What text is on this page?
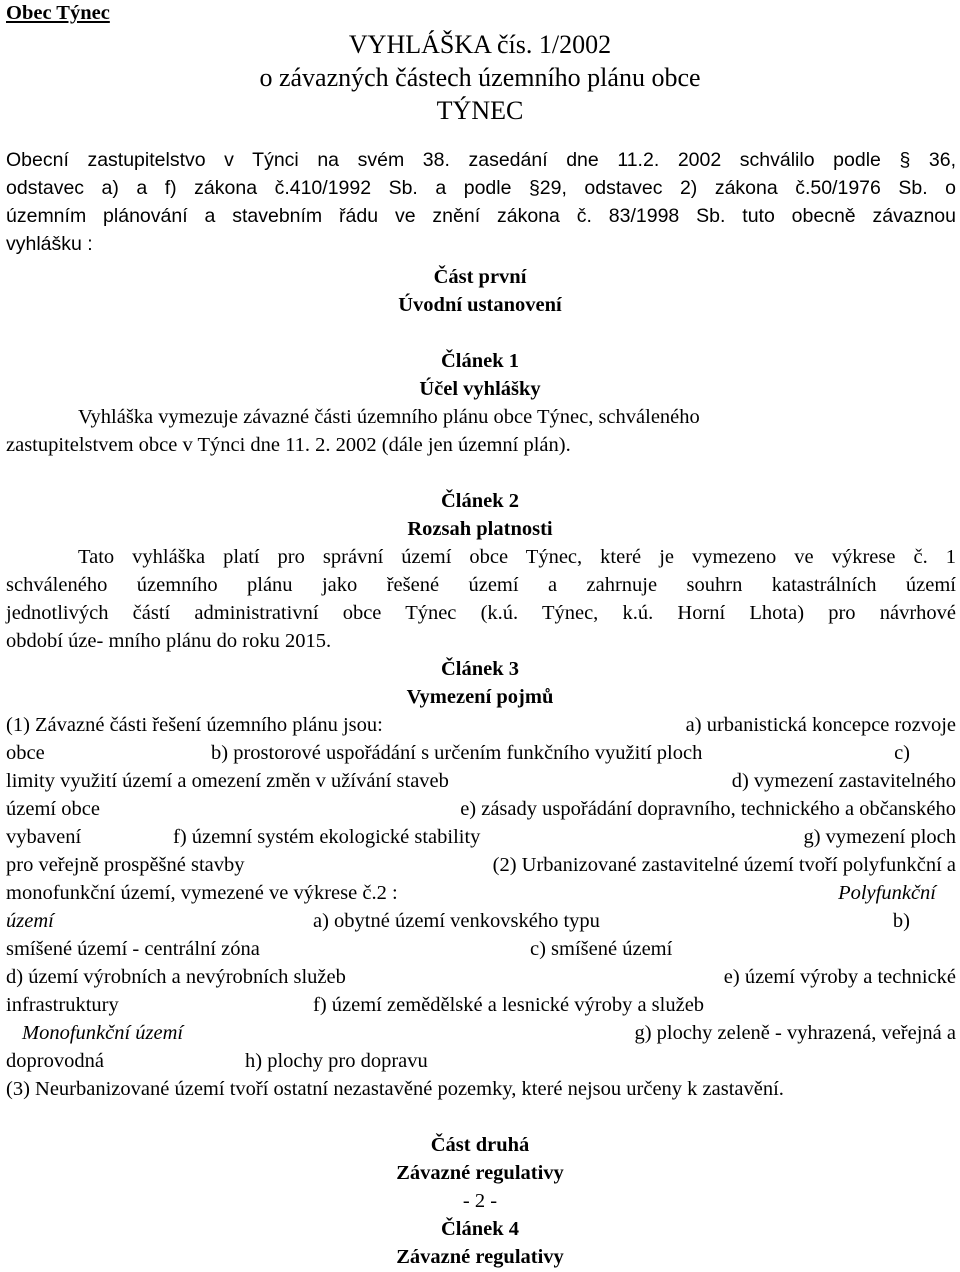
Obec Týnec
VYHLÁŠKA čís. 1/2002
o závazných částech územního plánu obce
TÝNEC
Obecní zastupitelstvo v Týnci na svém 38. zasedání dne 11.2. 2002 schválilo podle § 36,
odstavec a) a f) zákona č.410/1992 Sb. a podle §29, odstavec 2) zákona č.50/1976 Sb. o
územním plánování a stavebním řádu ve znění zákona č. 83/1998 Sb. tuto obecně závaznou
vyhlášku :
Část první
Úvodní ustanovení
Článek 1
Účel vyhlášky
Vyhláška vymezuje závazné části územního plánu obce Týnec, schváleného
zastupitelstvem obce v Týnci dne 11. 2. 2002 (dále jen územní plán).
Článek 2
Rozsah platnosti
Tato vyhláška platí pro správní území obce Týnec, které je vymezeno ve výkrese č. 1
schváleného územního plánu jako řešené území a zahrnuje souhrn katastrálních území
jednotlivých částí administrativní obce Týnec (k.ú. Týnec, k.ú. Horní Lhota) pro návrhové
období úze- mního plánu do roku 2015.
Článek 3
Vymezení pojmů
(1) Závazné části řešení územního plánu jsou:	a) urbanistická koncepce rozvoje
obce	b) prostorové uspořádání s určením funkčního využití ploch	c)
limity využití území a omezení změn v užívání staveb	d) vymezení zastavitelného
území obce	e) zásady uspořádání dopravního, technického a občanského
vybavení	f) územní systém ekologické stability	g) vymezení ploch
pro veřejně prospěšné stavby	(2) Urbanizované zastavitelné území tvoří polyfunkční a
monofunkční území, vymezené ve výkrese č.2 :	Polyfunkční
území	a) obytné území venkovského typu	b)
smíšené území - centrální zóna	c) smíšené území
d) území výrobních a nevýrobních služeb	e) území výroby a technické
infrastruktury	f) území zemědělské a lesnické výroby a služeb
Monofunkční území	g) plochy zeleně - vyhrazená, veřejná a
doprovodná	h) plochy pro dopravu
(3) Neurbanizované území tvoří ostatní nezastavěné pozemky, které nejsou určeny k zastavění.
Část druhá
Závazné regulativy
- 2 -
Článek 4
Závazné regulativy
